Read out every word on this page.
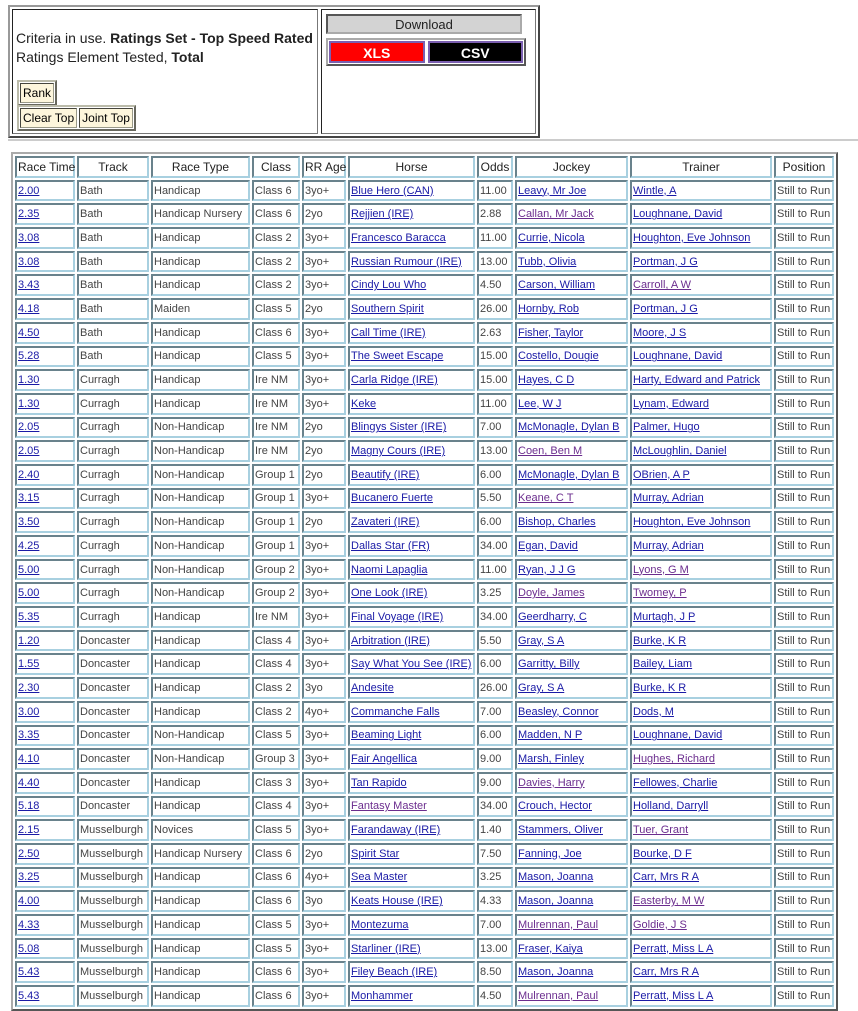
Criteria in use. Ratings Set - Top Speed Rated
Ratings Element Tested, Total
Rank
Clear Top Joint Top
Download
XLS	CSV
Race Time	Track	Race Type	Class	RR Age	Horse	Odds	Jockey	Trainer	Position
2.00	Bath	Handicap	Class 6	3yo+	Blue Hero (CAN)	11.00	Leavy, Mr Joe	Wintle, A	Still to Run
2.35	Bath	Handicap Nursery	Class 6	2yo	Rejjien (IRE)	2.88	Callan, Mr Jack	Loughnane, David	Still to Run
3.08	Bath	Handicap	Class 2	3yo+	Francesco Baracca	11.00	Currie, Nicola	Houghton, Eve Johnson	Still to Run
3.08	Bath	Handicap	Class 2	3yo+	Russian Rumour (IRE)	13.00	Tubb, Olivia	Portman, J G	Still to Run
3.43	Bath	Handicap	Class 2	3yo+	Cindy Lou Who	4.50	Carson, William	Carroll, A W	Still to Run
4.18	Bath	Maiden	Class 5	2yo	Southern Spirit	26.00	Hornby, Rob	Portman, J G	Still to Run
4.50	Bath	Handicap	Class 6	3yo+	Call Time (IRE)	2.63	Fisher, Taylor	Moore, J S	Still to Run
5.28	Bath	Handicap	Class 5	3yo+	The Sweet Escape	15.00	Costello, Dougie	Loughnane, David	Still to Run
1.30	Curragh	Handicap	Ire NM	3yo+	Carla Ridge (IRE)	15.00	Hayes, C D	Harty, Edward and Patrick	Still to Run
1.30	Curragh	Handicap	Ire NM	3yo+	Keke	11.00	Lee, W J	Lynam, Edward	Still to Run
2.05	Curragh	Non-Handicap	Ire NM	2yo	Blingys Sister (IRE)	7.00	McMonagle, Dylan B	Palmer, Hugo	Still to Run
2.05	Curragh	Non-Handicap	Ire NM	2yo	Magny Cours (IRE)	13.00	Coen, Ben M	McLoughlin, Daniel	Still to Run
2.40	Curragh	Non-Handicap	Group 1	2yo	Beautify (IRE)	6.00	McMonagle, Dylan B	OBrien, A P	Still to Run
3.15	Curragh	Non-Handicap	Group 1	3yo+	Bucanero Fuerte	5.50	Keane, C T	Murray, Adrian	Still to Run
3.50	Curragh	Non-Handicap	Group 1	2yo	Zavateri (IRE)	6.00	Bishop, Charles	Houghton, Eve Johnson	Still to Run
4.25	Curragh	Non-Handicap	Group 1	3yo+	Dallas Star (FR)	34.00	Egan, David	Murray, Adrian	Still to Run
5.00	Curragh	Non-Handicap	Group 2	3yo+	Naomi Lapaglia	11.00	Ryan, J J G	Lyons, G M	Still to Run
5.00	Curragh	Non-Handicap	Group 2	3yo+	One Look (IRE)	3.25	Doyle, James	Twomey, P	Still to Run
5.35	Curragh	Handicap	Ire NM	3yo+	Final Voyage (IRE)	34.00	Geerdharry, C	Murtagh, J P	Still to Run
1.20	Doncaster	Handicap	Class 4	3yo+	Arbitration (IRE)	5.50	Gray, S A	Burke, K R	Still to Run
1.55	Doncaster	Handicap	Class 4	3yo+	Say What You See (IRE)	6.00	Garritty, Billy	Bailey, Liam	Still to Run
2.30	Doncaster	Handicap	Class 2	3yo	Andesite	26.00	Gray, S A	Burke, K R	Still to Run
3.00	Doncaster	Handicap	Class 2	4yo+	Commanche Falls	7.00	Beasley, Connor	Dods, M	Still to Run
3.35	Doncaster	Non-Handicap	Class 5	3yo+	Beaming Light	6.00	Madden, N P	Loughnane, David	Still to Run
4.10	Doncaster	Non-Handicap	Group 3	3yo+	Fair Angellica	9.00	Marsh, Finley	Hughes, Richard	Still to Run
4.40	Doncaster	Handicap	Class 3	3yo+	Tan Rapido	9.00	Davies, Harry	Fellowes, Charlie	Still to Run
5.18	Doncaster	Handicap	Class 4	3yo+	Fantasy Master	34.00	Crouch, Hector	Holland, Darryll	Still to Run
2.15	Musselburgh	Novices	Class 5	3yo+	Farandaway (IRE)	1.40	Stammers, Oliver	Tuer, Grant	Still to Run
2.50	Musselburgh	Handicap Nursery	Class 6	2yo	Spirit Star	7.50	Fanning, Joe	Bourke, D F	Still to Run
3.25	Musselburgh	Handicap	Class 6	4yo+	Sea Master	3.25	Mason, Joanna	Carr, Mrs R A	Still to Run
4.00	Musselburgh	Handicap	Class 6	3yo	Keats House (IRE)	4.33	Mason, Joanna	Easterby, M W	Still to Run
4.33	Musselburgh	Handicap	Class 5	3yo+	Montezuma	7.00	Mulrennan, Paul	Goldie, J S	Still to Run
5.08	Musselburgh	Handicap	Class 5	3yo+	Starliner (IRE)	13.00	Fraser, Kaiya	Perratt, Miss L A	Still to Run
5.43	Musselburgh	Handicap	Class 6	3yo+	Filey Beach (IRE)	8.50	Mason, Joanna	Carr, Mrs R A	Still to Run
5.43	Musselburgh	Handicap	Class 6	3yo+	Monhammer	4.50	Mulrennan, Paul	Perratt, Miss L A	Still to Run
